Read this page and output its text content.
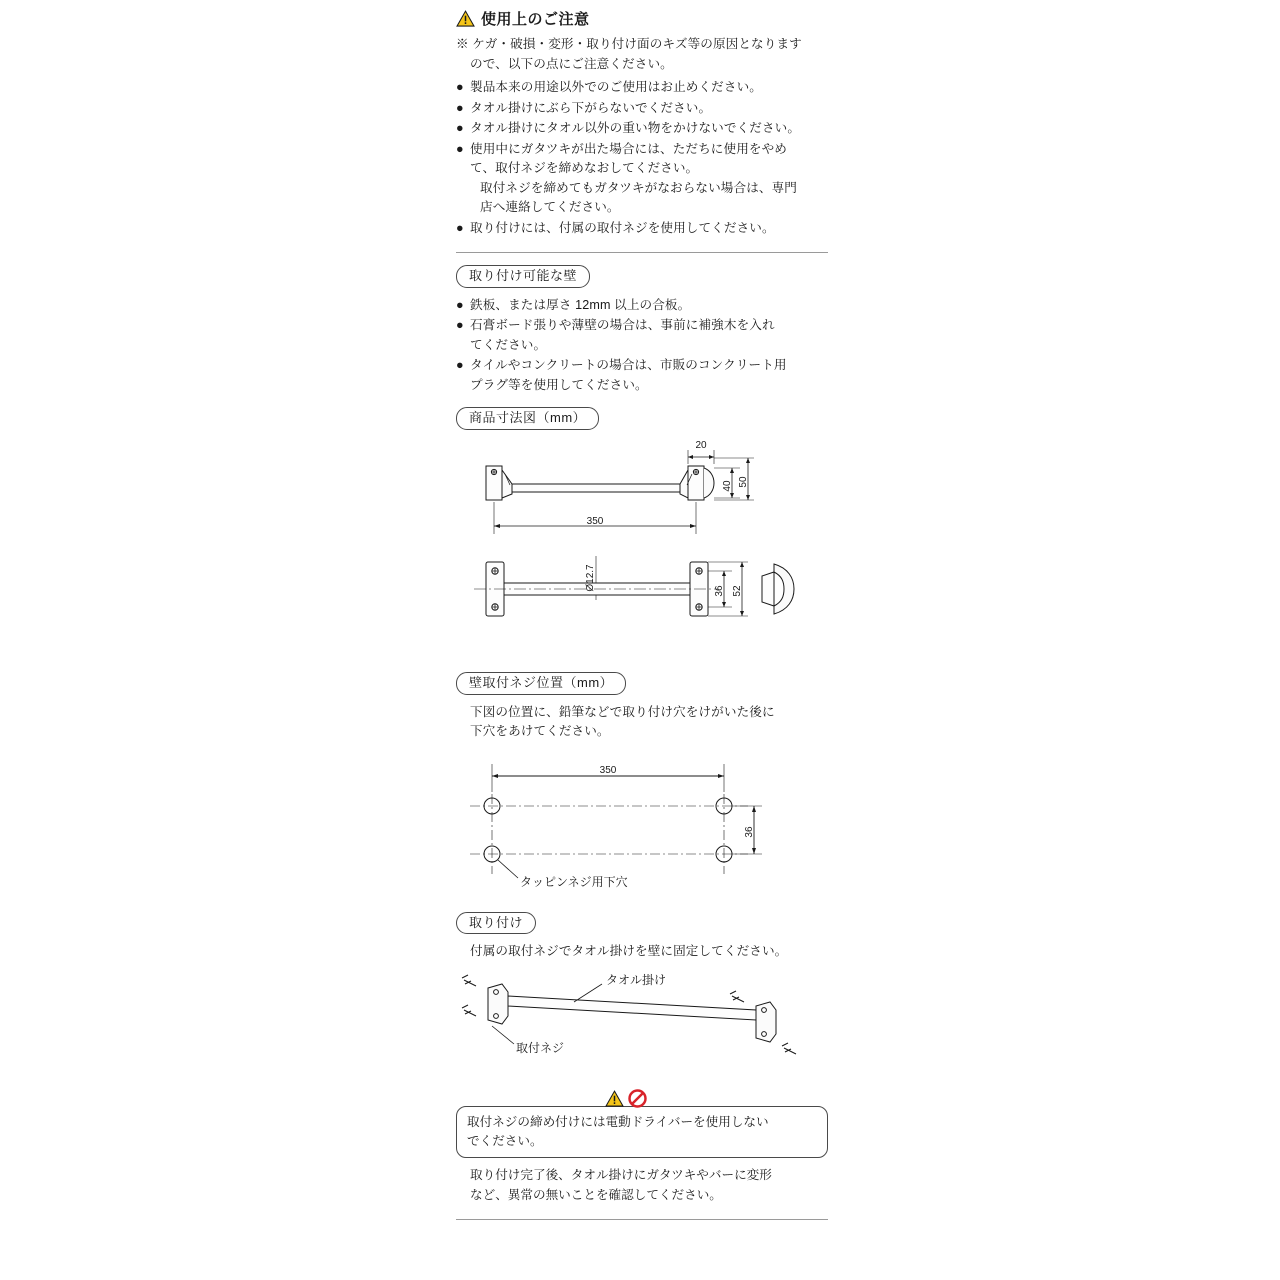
使用上のご注意
※ ケガ・破損・変形・取り付け面のキズ等の原因となります
ので、以下の点にご注意ください。
● 製品本来の用途以外でのご使用はお止めください。
● タオル掛けにぶら下がらないでください。
● タオル掛けにタオル以外の重い物をかけないでください。
● 使用中にガタツキが出た場合には、ただちに使用をやめ
て、取付ネジを締めなおしてください。
取付ネジを締めてもガタツキがなおらない場合は、専門
店へ連絡してください。
● 取り付けには、付属の取付ネジを使用してください。
取り付け可能な壁
● 鉄板、または厚さ 12mm 以上の合板。
● 石膏ボード張りや薄壁の場合は、事前に補強木を入れ
てください。
● タイルやコンクリートの場合は、市販のコンクリート用
プラグ等を使用してください。
商品寸法図（mm）
20
40 50
350
Ø12.7	36 52
壁取付ネジ位置（mm）
下図の位置に、鉛筆などで取り付け穴をけがいた後に
下穴をあけてください。
350
36
タッピンネジ用下穴
取り付け
付属の取付ネジでタオル掛けを壁に固定してください。
タオル掛け
取付ネジ
取付ネジの締め付けには電動ドライバーを使用しない
でください。
取り付け完了後、タオル掛けにガタツキやバーに変形
など、異常の無いことを確認してください。
